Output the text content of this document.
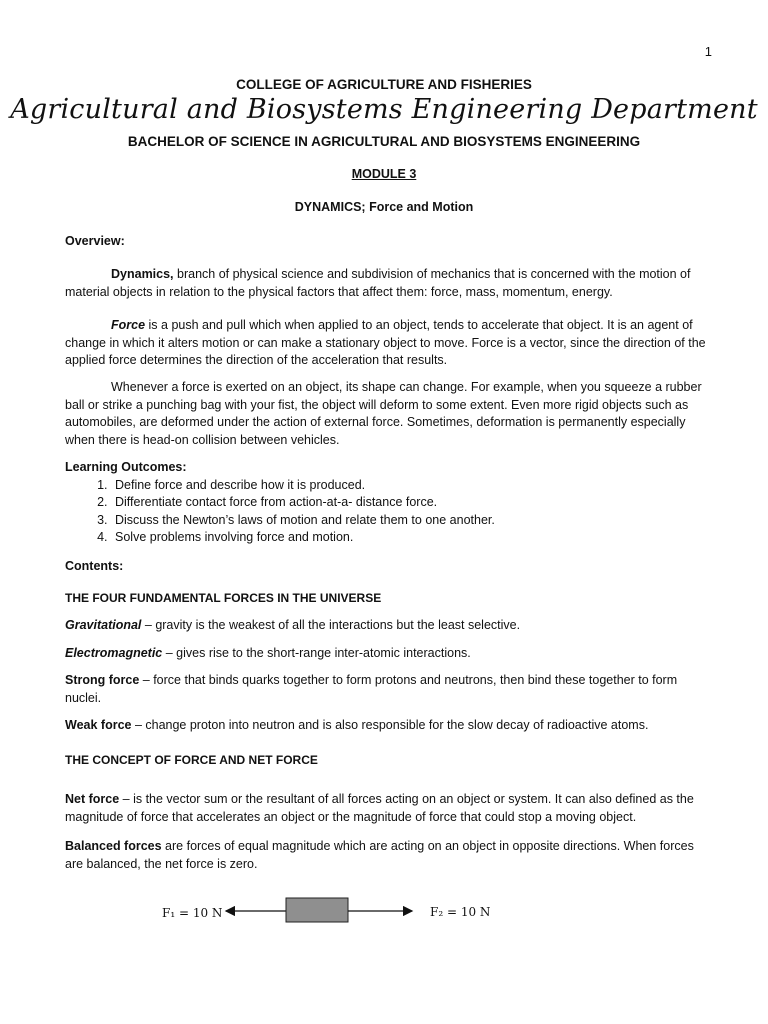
1
COLLEGE OF AGRICULTURE AND FISHERIES
Agricultural and Biosystems Engineering Department
BACHELOR OF SCIENCE IN AGRICULTURAL AND BIOSYSTEMS ENGINEERING
MODULE 3
DYNAMICS; Force and Motion
Overview:

Dynamics, branch of physical science and subdivision of mechanics that is concerned with the motion of material objects in relation to the physical factors that affect them: force, mass, momentum, energy.

Force is a push and pull which when applied to an object, tends to accelerate that object. It is an agent of change in which it alters motion or can make a stationary object to move. Force is a vector, since the direction of the applied force determines the direction of the acceleration that results.

Whenever a force is exerted on an object, its shape can change. For example, when you squeeze a rubber ball or strike a punching bag with your fist, the object will deform to some extent. Even more rigid objects such as automobiles, are deformed under the action of external force. Sometimes, deformation is permanently especially when there is head-on collision between vehicles.

Learning Outcomes:
1. Define force and describe how it is produced.
2. Differentiate contact force from action-at-a- distance force.
3. Discuss the Newton’s laws of motion and relate them to one another.
4. Solve problems involving force and motion.
Contents:
THE FOUR FUNDAMENTAL FORCES IN THE UNIVERSE
Gravitational – gravity is the weakest of all the interactions but the least selective.
Electromagnetic – gives rise to the short-range inter-atomic interactions.
Strong force – force that binds quarks together to form protons and neutrons, then bind these together to form nuclei.
Weak force – change proton into neutron and is also responsible for the slow decay of radioactive atoms.
THE CONCEPT OF FORCE AND NET FORCE
Net force – is the vector sum or the resultant of all forces acting on an object or system. It can also defined as the magnitude of force that accelerates an object or the magnitude of force that could stop a moving object.
Balanced forces are forces of equal magnitude which are acting on an object in opposite directions. When forces are balanced, the net force is zero.
F₁ = 10 N	F₂ = 10 N
